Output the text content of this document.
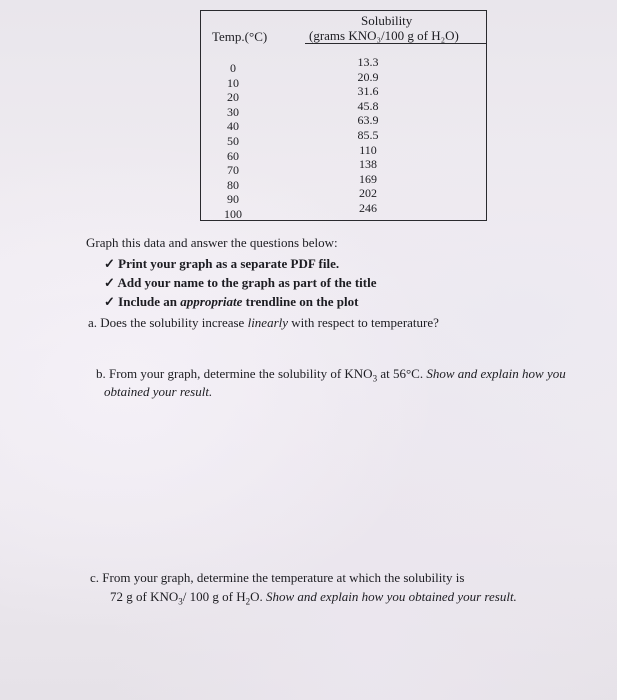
Temp.(°C)
Solubility
(grams KNO₃/100 g of H₂O)
0
10
20
30
40
50
60
70
80
90
100
13.3
20.9
31.6
45.8
63.9
85.5
110
138
169
202
246
Graph this data and answer the questions below:
✓ Print your graph as a separate PDF file.
✓ Add your name to the graph as part of the title
✓ Include an appropriate trendline on the plot
a. Does the solubility increase linearly with respect to temperature?
b. From your graph, determine the solubility of $KNO_3$ at 56°C. Show and explain how you
obtained your result.
c. From your graph, determine the temperature at which the solubility is
72 g of $KNO_3/$ 100 g of $H_2O$. Show and explain how you obtained your result.
